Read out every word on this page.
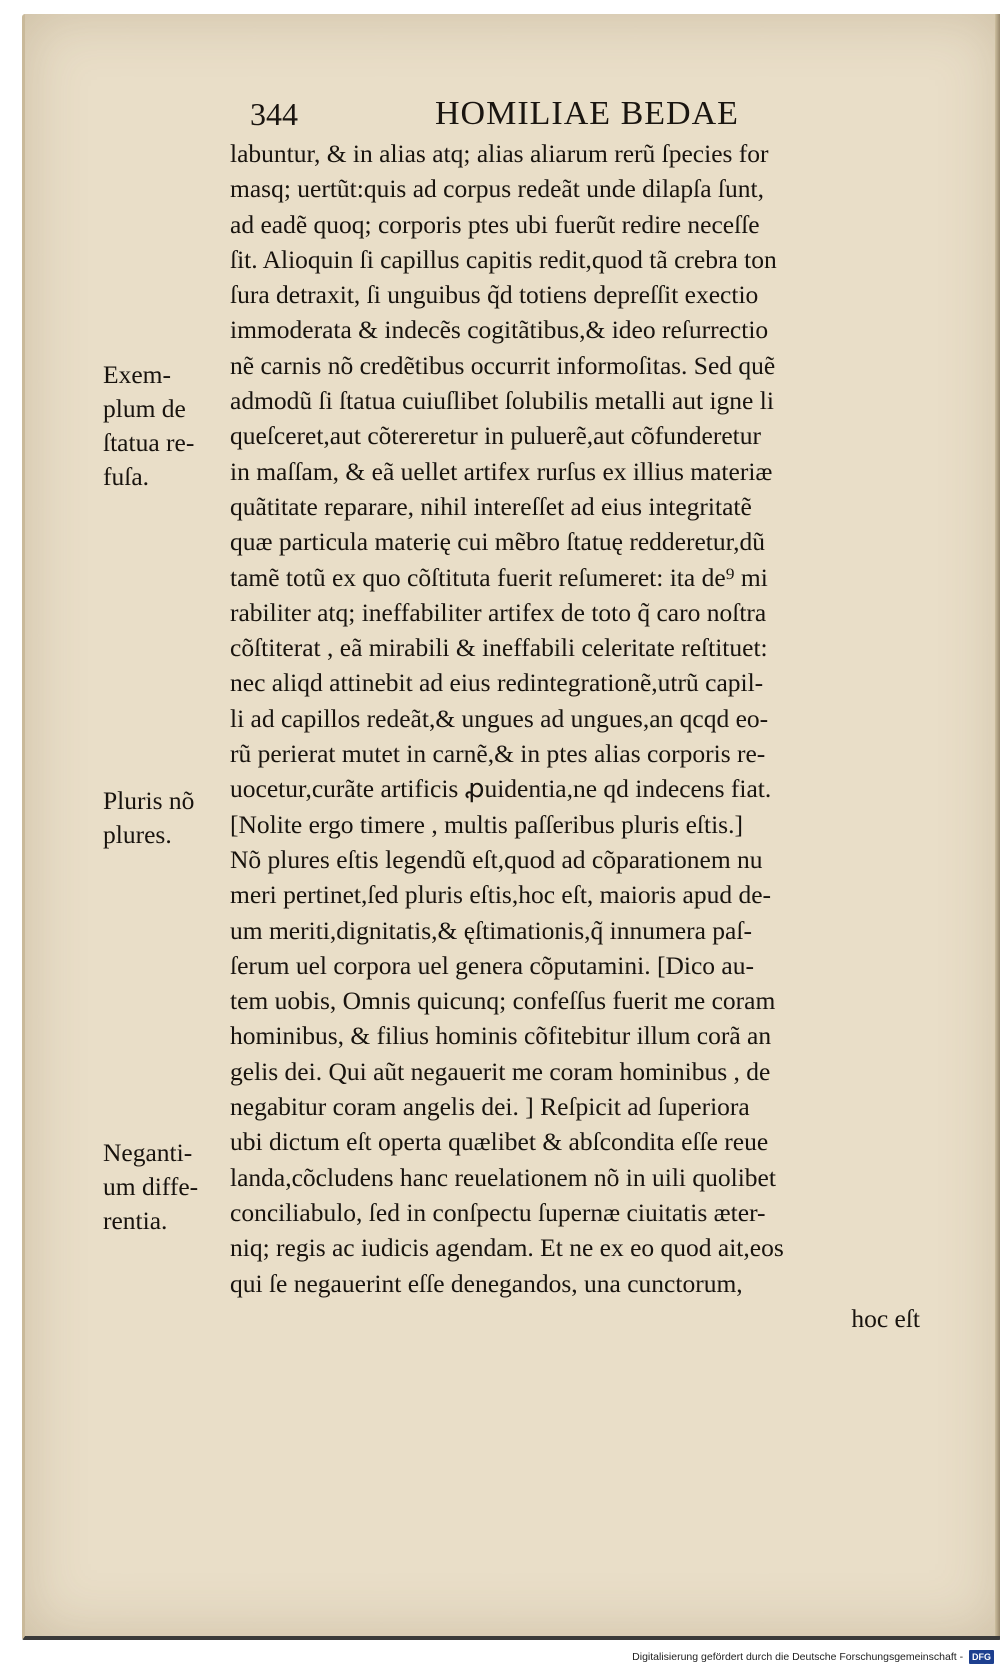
344	HOMILIAE BEDAE
labuntur, & in alias atq; alias aliarum rerũ ſpecies for
masq; uertũt:quis ad corpus redeãt unde dilapſa ſunt,
ad eadẽ quoq; corporis ptes ubi fuerũt redire neceſſe
ſit. Alioquin ſi capillus capitis redit,quod tã crebra ton
ſura detraxit, ſi unguibus q̃d totiens depreſſit exectio
immoderata & indecẽs cogitãtibus,& ideo reſurrectio
nẽ carnis nõ credẽtibus occurrit informoſitas. Sed quẽ
admodũ ſi ſtatua cuiuſlibet ſolubilis metalli aut igne li
queſceret,aut cõtereretur in puluerẽ,aut cõfunderetur
in maſſam, & eã uellet artifex rurſus ex illius materiæ
quãtitate reparare, nihil intereſſet ad eius integritatẽ
quæ particula materię cui mẽbro ſtatuę redderetur,dũ
tamẽ totũ ex quo cõſtituta fuerit reſumeret: ita de⁹ mi
rabiliter atq; ineffabiliter artifex de toto q̃ caro noſtra
cõſtiterat , eã mirabili & ineffabili celeritate reſtituet:
nec aliqd attinebit ad eius redintegrationẽ,utrũ capil-
li ad capillos redeãt,& ungues ad ungues,an qcqd eo-
rũ perierat mutet in carnẽ,& in ptes alias corporis re-
uocetur,curãte artificis ꝓuidentia,ne qd indecens fiat.
[Nolite ergo timere , multis paſſeribus pluris eſtis.]
Nõ plures eſtis legendũ eſt,quod ad cõparationem nu
meri pertinet,ſed pluris eſtis,hoc eſt, maioris apud de-
um meriti,dignitatis,& ęſtimationis,q̃ innumera paſ-
ſerum uel corpora uel genera cõputamini. [Dico au-
tem uobis, Omnis quicunq; confeſſus fuerit me coram
hominibus, & filius hominis cõfitebitur illum corã an
gelis dei. Qui aũt negauerit me coram hominibus , de
negabitur coram angelis dei. ] Reſpicit ad ſuperiora
ubi dictum eſt operta quælibet & abſcondita eſſe reue
landa,cõcludens hanc reuelationem nõ in uili quolibet
conciliabulo, ſed in conſpectu ſupernæ ciuitatis æter-
niq; regis ac iudicis agendam. Et ne ex eo quod ait,eos
qui ſe negauerint eſſe denegandos, una cunctorum,
hoc eſt
Exem-
plum de
ſtatua re-
fuſa.
Pluris nõ
plures.
Neganti-
um diffe-
rentia.
Digitalisierung gefördert durch die Deutsche Forschungsgemeinschaft - DFG
